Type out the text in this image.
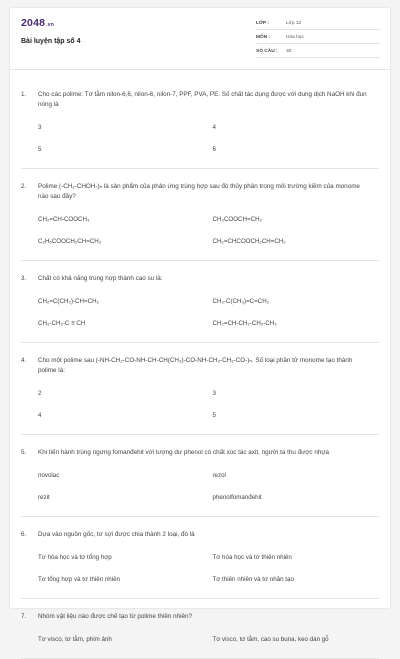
2048.vn
Bài luyện tập số 4
LỚP :	Lớp 12
MÔN :	Hóa học
SỐ CÂU :	30
1.	Cho các polime: Tơ tằm nilon-6,6, nilon-6, nilon-7, PPF, PVA, PE. Số chất tác dụng được với dung dịch NaOH khi đun nóng là
3	4
5	6
2.	Polime (-CH₂-CHOH-)ₙ là sản phẩm của phản ứng trùng hợp sau đó thủy phân trong môi trường kiềm của monome nào sau đây?
CH₂=CH-COOCH₃	CH₃COOCH=CH₂
C₂H₅COOCH₂CH=CH₂	CH₂=CHCOOCH₂CH=CH₂
3.	Chất có khả năng trùng hợp thành cao su là:
CH₂=C(CH₃)-CH=CH₂	CH₃-C(CH₃)=C=CH₂
CH₃-CH₂-C ≡ CH	CH₂=CH-CH₂-CH₂-CH₃
4.	Cho một polime sau (-NH-CH₂-CO-NH-CH-CH(CH₃)-CO-NH-CH₂-CH₂-CO-)ₙ. Số loại phân tử monome tạo thành polime là:
2	3
4	5
5.	Khi tiến hành trùng ngưng fomanđehit với lượng dư phenol có chất xúc tác axit, người ta thu được nhựa
novolac	rezol
rezit	phenolfomanđehit
6.	Dựa vào nguồn gốc, tơ sợi được chia thành 2 loại, đó là
Tơ hóa học và tơ tổng hợp	Tơ hóa học và tơ thiên nhiên
Tơ tổng hợp và tơ thiên nhiên	Tơ thiên nhiên và tơ nhân tạo
7.	Nhóm vật liệu nào được chế tạo từ polime thiên nhiên?
Tơ visco, tơ tằm, phim ảnh	Tơ visco, tơ tằm, cao su buna, keo dán gỗ
